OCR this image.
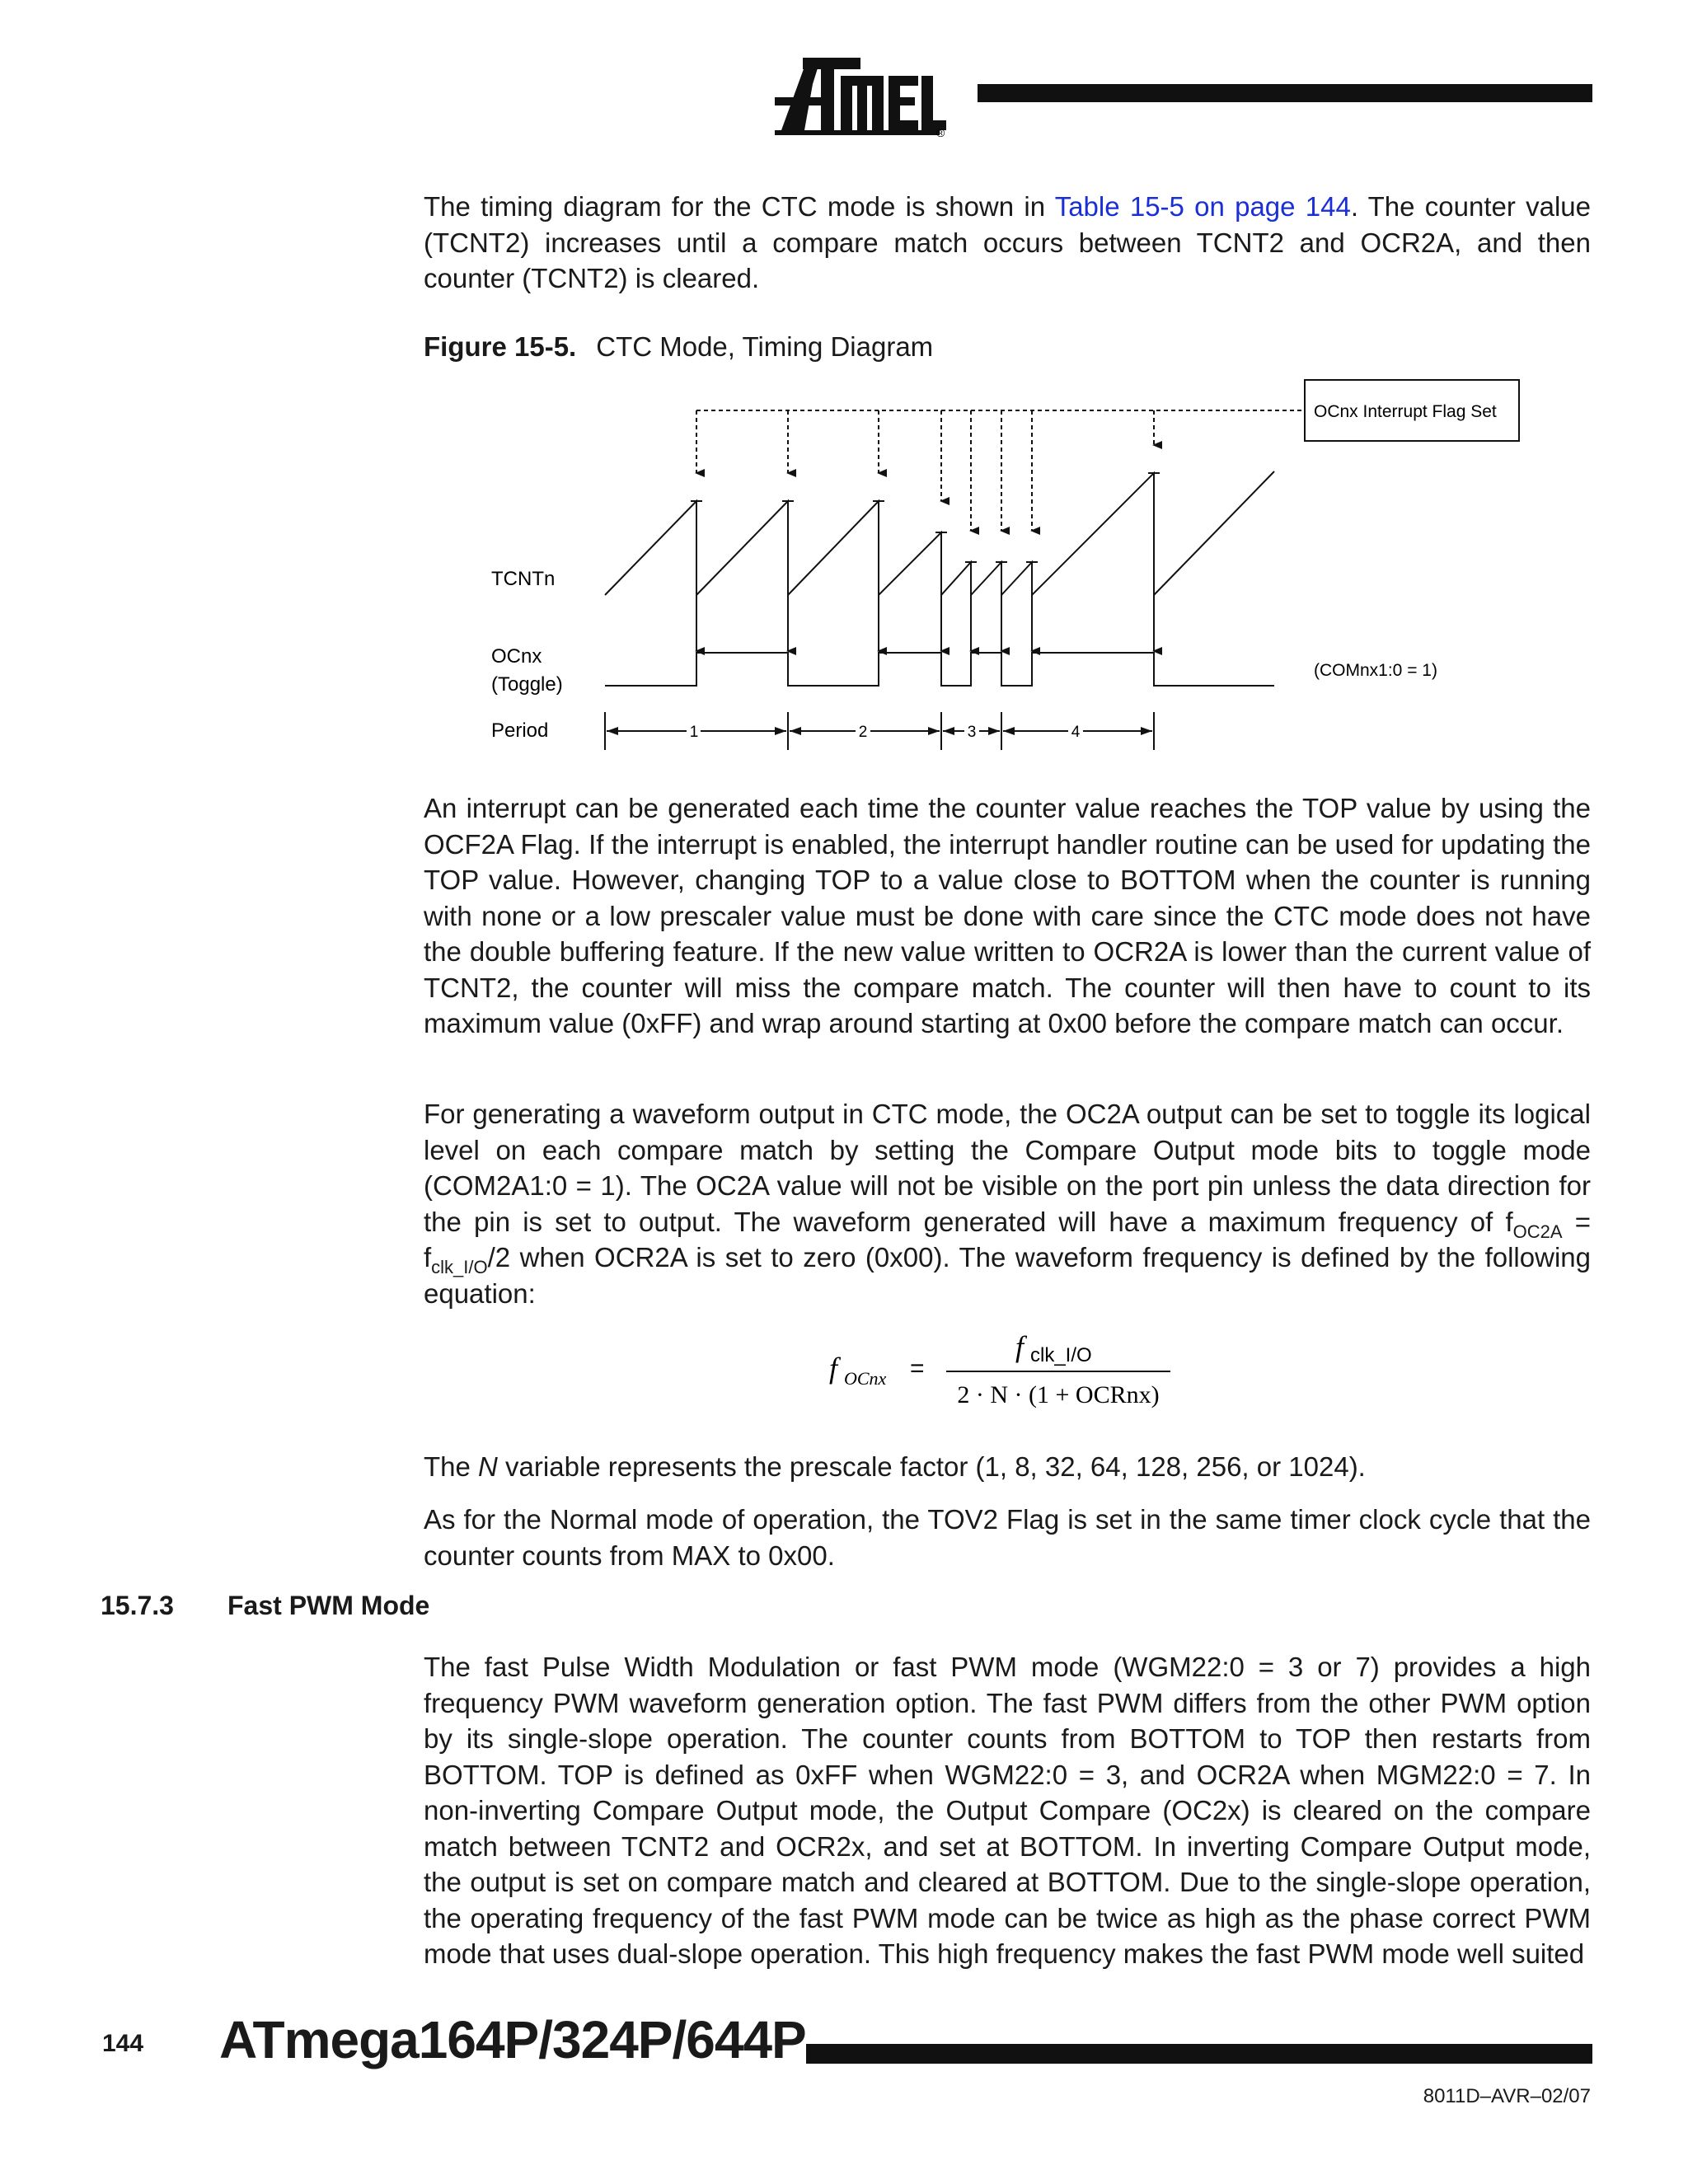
®

The timing diagram for the CTC mode is shown in Table 15-5 on page 144. The counter value (TCNT2) increases until a compare match occurs between TCNT2 and OCR2A, and then counter (TCNT2) is cleared.

Figure 15-5. CTC Mode, Timing Diagram
OCnx Interrupt Flag Set
TCNTn
OCnx
(Toggle)
(COMnx1:0 = 1)
Period	1	2	3	4

An interrupt can be generated each time the counter value reaches the TOP value by using the OCF2A Flag. If the interrupt is enabled, the interrupt handler routine can be used for updating the TOP value. However, changing TOP to a value close to BOTTOM when the counter is running with none or a low prescaler value must be done with care since the CTC mode does not have the double buffering feature. If the new value written to OCR2A is lower than the current value of TCNT2, the counter will miss the compare match. The counter will then have to count to its maximum value (0xFF) and wrap around starting at 0x00 before the compare match can occur.

For generating a waveform output in CTC mode, the OC2A output can be set to toggle its logical level on each compare match by setting the Compare Output mode bits to toggle mode (COM2A1:0 = 1). The OC2A value will not be visible on the port pin unless the data direction for the pin is set to output. The waveform generated will have a maximum frequency of $f_{OC2A} = f_{clk\_I/O}/2$ when OCR2A is set to zero (0x00). The waveform frequency is defined by the following equation:

f OCnx
f
=	clk_I/O
2 · N · (1 + OCRnx)

The N variable represents the prescale factor (1, 8, 32, 64, 128, 256, or 1024).

As for the Normal mode of operation, the TOV2 Flag is set in the same timer clock cycle that the counter counts from MAX to 0x00.

15.7.3 Fast PWM Mode

The fast Pulse Width Modulation or fast PWM mode (WGM22:0 = 3 or 7) provides a high frequency PWM waveform generation option. The fast PWM differs from the other PWM option by its single-slope operation. The counter counts from BOTTOM to TOP then restarts from BOTTOM. TOP is defined as 0xFF when WGM22:0 = 3, and OCR2A when MGM22:0 = 7. In non-inverting Compare Output mode, the Output Compare (OC2x) is cleared on the compare match between TCNT2 and OCR2x, and set at BOTTOM. In inverting Compare Output mode, the output is set on compare match and cleared at BOTTOM. Due to the single-slope operation, the operating frequency of the fast PWM mode can be twice as high as the phase correct PWM mode that uses dual-slope operation. This high frequency makes the fast PWM mode well suited

144 ATmega164P/324P/644P
8011D–AVR–02/07
